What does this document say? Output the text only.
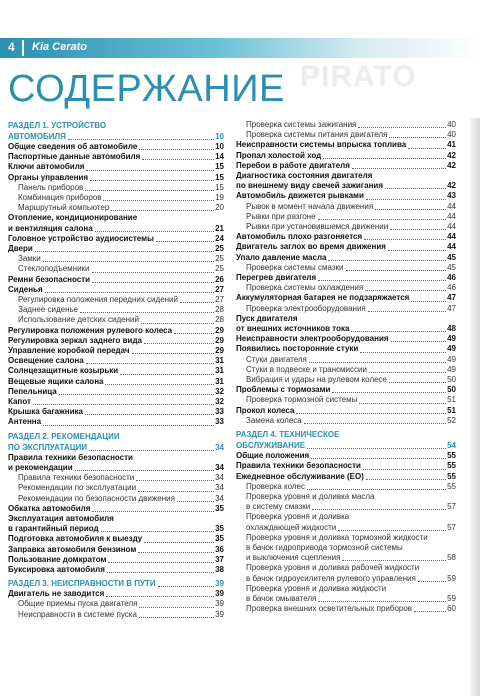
4 Kia Cerato
PIRATO
СОДЕРЖАНИЕ
РАЗДЕЛ 1. УСТРОЙСТВО
АВТОМОБИЛЯ	10
Общие сведения об автомобиле	10
Паспортные данные автомобиля	14
Ключи автомобиля	15
Органы управления	15
Панель приборов	15
Комбинация приборов	19
Маршрутный компьютер	20
Отопление, кондиционирование
и вентиляция салона	21
Головное устройство аудиосистемы	24
Двери	25
Замки	25
Стеклоподъемники	25
Ремни безопасности	26
Сиденья	27
Регулировка положения передних сидений	27
Заднее сиденье	28
Использование детских сидений	28
Регулировка положения рулевого колеса	29
Регулировка зеркал заднего вида	29
Управление коробкой передач	29
Освещение салона	31
Солнцезащитные козырьки	31
Вещевые ящики салона	31
Пепельница	32
Капот	32
Крышка багажника	33
Антенна	33
РАЗДЕЛ 2. РЕКОМЕНДАЦИИ
ПО ЭКСПЛУАТАЦИИ	34
Правила техники безопасности
и рекомендации	34
Правила техники безопасности	34
Рекомендации по эксплуатации	34
Рекомендации по безопасности движения	34
Обкатка автомобиля	35
Эксплуатация автомобиля
в гарантийный период	35
Подготовка автомобиля к выезду	35
Заправка автомобиля бензином	36
Пользование домкратом	37
Буксировка автомобиля	38
РАЗДЕЛ 3. НЕИСПРАВНОСТИ В ПУТИ	39
Двигатель не заводится	39
Общие приемы пуска двигателя	39
Неисправности в системе пуска	39
Проверка системы зажигания	40
Проверка системы питания двигателя	40
Неисправности системы впрыска топлива	41
Пропал холостой ход	42
Перебои в работе двигателя	42
Диагностика состояния двигателя
по внешнему виду свечей зажигания	42
Автомобиль движется рывками	43
Рывок в момент начала движения	44
Рывки при разгоне	44
Рывки при установившемся движении	44
Автомобиль плохо разгоняется	44
Двигатель заглох во время движения	44
Упало давление масла	45
Проверка системы смазки	45
Перегрев двигателя	46
Проверка системы охлаждения	46
Аккумуляторная батарея не подзаряжается	47
Проверка электрооборудования	47
Пуск двигателя
от внешних источников тока	48
Неисправности электрооборудования	49
Появились посторонние стуки	49
Стуки двигателя	49
Стуки в подвеске и трансмиссии	49
Вибрация и удары на рулевом колесе	50
Проблемы с тормозами	50
Проверка тормозной системы	51
Прокол колеса	51
Замена колеса	52
РАЗДЕЛ 4. ТЕХНИЧЕСКОЕ
ОБСЛУЖИВАНИЕ	54
Общие положения	55
Правила техники безопасности	55
Ежедневное обслуживание (ЕО)	55
Проверка колес	55
Проверка уровня и доливка масла
в систему смазки	57
Проверка уровня и доливка
охлаждающей жидкости	57
Проверка уровня и доливка тормозной жидкости
в бачок гидропривода тормозной системы
и выключения сцепления	58
Проверка уровня и доливка рабочей жидкости
в бачок гидроусилителя рулевого управления	59
Проверка уровня и доливка жидкости
в бачок омывателя	59
Проверка внешних осветительных приборов	60
